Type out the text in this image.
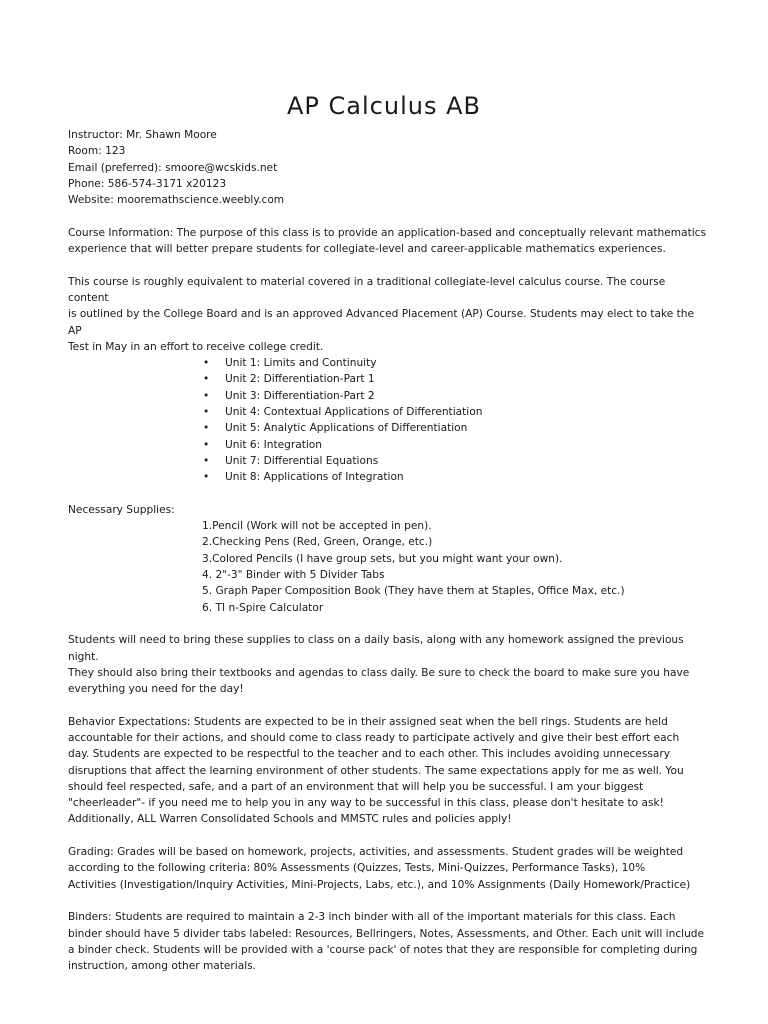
AP Calculus AB

Instructor: Mr. Shawn Moore

Room: 123

Email (preferred): smoore@wcskids.net

Phone: 586-574-3171 x20123

Website: mooremathscience.weebly.com

Course Information: The purpose of this class is to provide an application-based and conceptually relevant mathematics

experience that will better prepare students for collegiate-level and career-applicable mathematics experiences.

This course is roughly equivalent to material covered in a traditional collegiate-level calculus course. The course content

is outlined by the College Board and is an approved Advanced Placement (AP) Course. Students may elect to take the AP

Test in May in an effort to receive college credit.

• Unit 1: Limits and Continuity
• Unit 2: Differentiation-Part 1
• Unit 3: Differentiation-Part 2
• Unit 4: Contextual Applications of Differentiation
• Unit 5: Analytic Applications of Differentiation
• Unit 6: Integration
• Unit 7: Differential Equations
• Unit 8: Applications of Integration

Necessary Supplies:

1.Pencil (Work will not be accepted in pen).
2.Checking Pens (Red, Green, Orange, etc.)
3.Colored Pencils (I have group sets, but you might want your own).
4. 2"-3" Binder with 5 Divider Tabs
5. Graph Paper Composition Book (They have them at Staples, Office Max, etc.)
6. TI n-Spire Calculator

Students will need to bring these supplies to class on a daily basis, along with any homework assigned the previous night.

They should also bring their textbooks and agendas to class daily. Be sure to check the board to make sure you have

everything you need for the day!

Behavior Expectations: Students are expected to be in their assigned seat when the bell rings. Students are held

accountable for their actions, and should come to class ready to participate actively and give their best effort each

day. Students are expected to be respectful to the teacher and to each other. This includes avoiding unnecessary

disruptions that affect the learning environment of other students. The same expectations apply for me as well. You

should feel respected, safe, and a part of an environment that will help you be successful. I am your biggest

"cheerleader"- if you need me to help you in any way to be successful in this class, please don't hesitate to ask!

Additionally, ALL Warren Consolidated Schools and MMSTC rules and policies apply!

Grading: Grades will be based on homework, projects, activities, and assessments. Student grades will be weighted

according to the following criteria: 80% Assessments (Quizzes, Tests, Mini-Quizzes, Performance Tasks), 10%

Activities (Investigation/Inquiry Activities, Mini-Projects, Labs, etc.), and 10% Assignments (Daily Homework/Practice)

Binders: Students are required to maintain a 2-3 inch binder with all of the important materials for this class. Each

binder should have 5 divider tabs labeled: Resources, Bellringers, Notes, Assessments, and Other. Each unit will include

a binder check. Students will be provided with a 'course pack' of notes that they are responsible for completing during

instruction, among other materials.
